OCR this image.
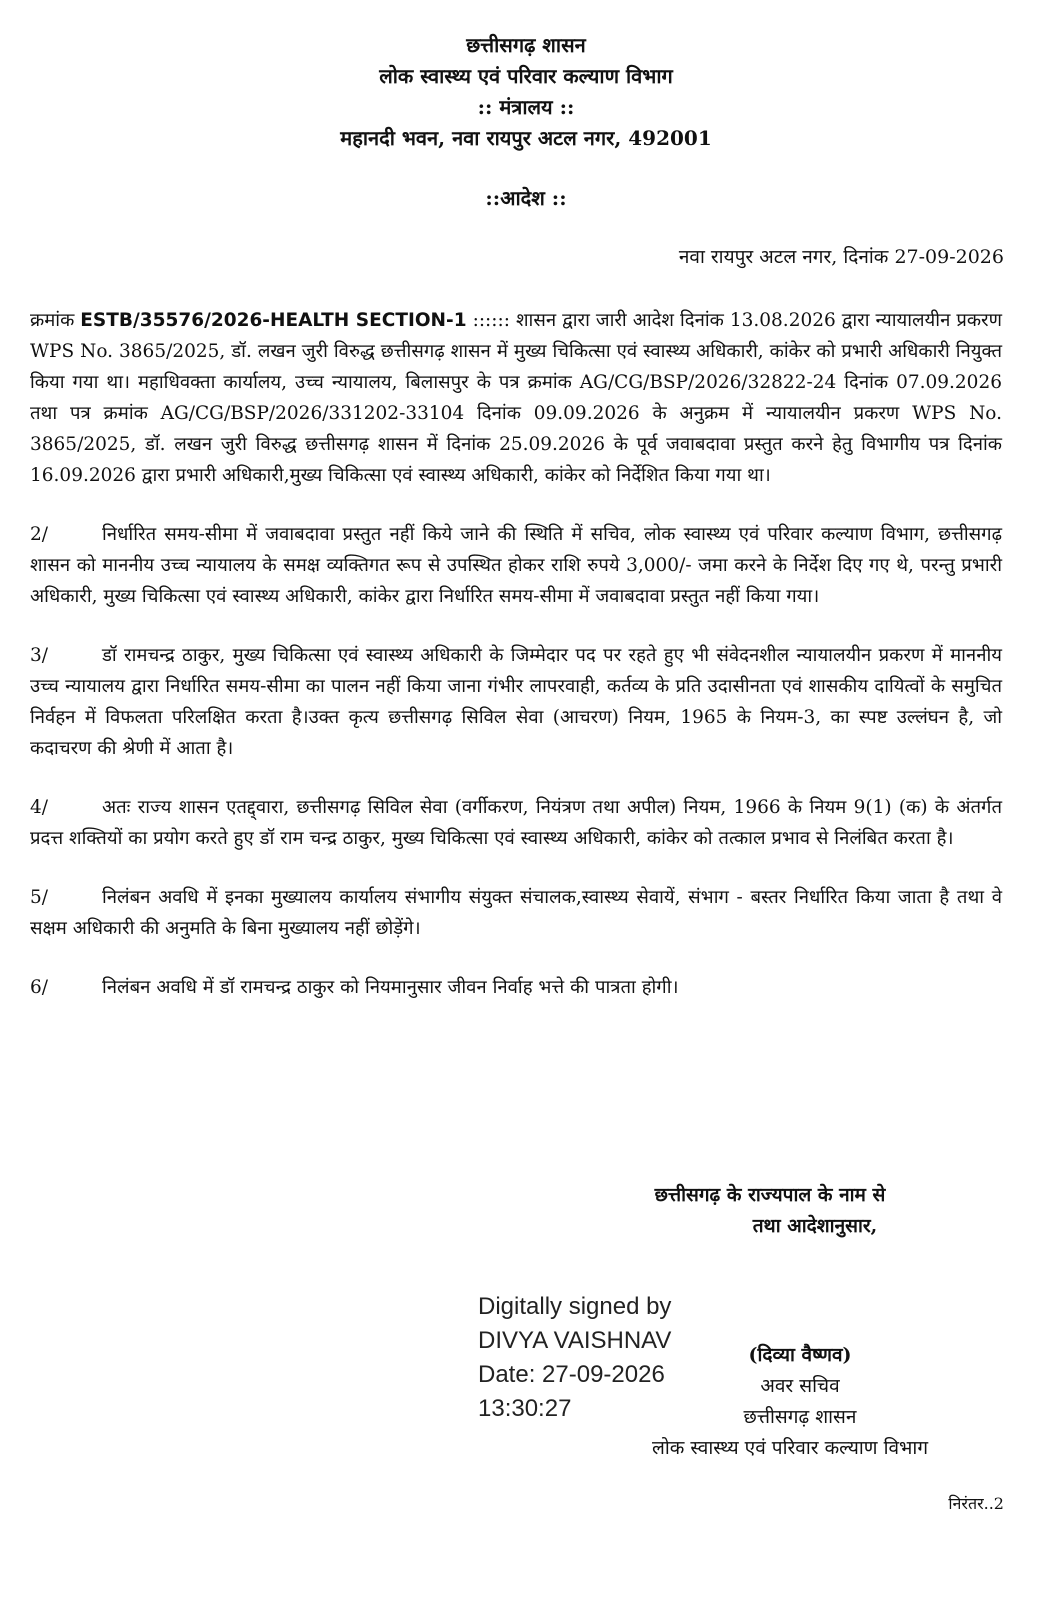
छत्तीसगढ़ शासन
लोक स्वास्थ्य एवं परिवार कल्याण विभाग
:: मंत्रालय ::
महानदी भवन, नवा रायपुर अटल नगर, 492001
::आदेश ::
नवा रायपुर अटल नगर, दिनांक 27-09-2026

क्रमांक ESTB/35576/2026-HEALTH SECTION-1 :::::: शासन द्वारा जारी आदेश दिनांक 13.08.2026 द्वारा न्यायालयीन प्रकरण WPS No. 3865/2025, डॉ. लखन जुरी विरुद्ध छत्तीसगढ़ शासन में मुख्य चिकित्सा एवं स्वास्थ्य अधिकारी, कांकेर को प्रभारी अधिकारी नियुक्त किया गया था। महाधिवक्ता कार्यालय, उच्च न्यायालय, बिलासपुर के पत्र क्रमांक AG/CG/BSP/2026/32822-24 दिनांक 07.09.2026 तथा पत्र क्रमांक AG/CG/BSP/2026/331202-33104 दिनांक 09.09.2026 के अनुक्रम में न्यायालयीन प्रकरण WPS No. 3865/2025, डॉ. लखन जुरी विरुद्ध छत्तीसगढ़ शासन में दिनांक 25.09.2026 के पूर्व जवाबदावा प्रस्तुत करने हेतु विभागीय पत्र दिनांक 16.09.2026 द्वारा प्रभारी अधिकारी,मुख्य चिकित्सा एवं स्वास्थ्य अधिकारी, कांकेर को निर्देशित किया गया था।

2/	निर्धारित समय-सीमा में जवाबदावा प्रस्तुत नहीं किये जाने की स्थिति में सचिव, लोक स्वास्थ्य एवं परिवार कल्याण विभाग, छत्तीसगढ़ शासन को माननीय उच्च न्यायालय के समक्ष व्यक्तिगत रूप से उपस्थित होकर राशि रुपये 3,000/- जमा करने के निर्देश दिए गए थे, परन्तु प्रभारी अधिकारी, मुख्य चिकित्सा एवं स्वास्थ्य अधिकारी, कांकेर द्वारा निर्धारित समय-सीमा में जवाबदावा प्रस्तुत नहीं किया गया।

3/	डॉ रामचन्द्र ठाकुर, मुख्य चिकित्सा एवं स्वास्थ्य अधिकारी के जिम्मेदार पद पर रहते हुए भी संवेदनशील न्यायालयीन प्रकरण में माननीय उच्च न्यायालय द्वारा निर्धारित समय-सीमा का पालन नहीं किया जाना गंभीर लापरवाही, कर्तव्य के प्रति उदासीनता एवं शासकीय दायित्वों के समुचित निर्वहन में विफलता परिलक्षित करता है।उक्त कृत्य छत्तीसगढ़ सिविल सेवा (आचरण) नियम, 1965 के नियम-3, का स्पष्ट उल्लंघन है, जो कदाचरण की श्रेणी में आता है।

4/	अतः राज्य शासन एतद्द्वारा, छत्तीसगढ़ सिविल सेवा (वर्गीकरण, नियंत्रण तथा अपील) नियम, 1966 के नियम 9(1) (क) के अंतर्गत प्रदत्त शक्तियों का प्रयोग करते हुए डॉ राम चन्द्र ठाकुर, मुख्य चिकित्सा एवं स्वास्थ्य अधिकारी, कांकेर को तत्काल प्रभाव से निलंबित करता है।

5/	निलंबन अवधि में इनका मुख्यालय कार्यालय संभागीय संयुक्त संचालक,स्वास्थ्य सेवायें, संभाग - बस्तर निर्धारित किया जाता है तथा वे सक्षम अधिकारी की अनुमति के बिना मुख्यालय नहीं छोड़ेंगे।

6/	निलंबन अवधि में डॉ रामचन्द्र ठाकुर को नियमानुसार जीवन निर्वाह भत्ते की पात्रता होगी।

छत्तीसगढ़ के राज्यपाल के नाम से
तथा आदेशानुसार,
Digitally signed by
DIVYA VAISHNAV
Date: 27-09-2026
13:30:27
(दिव्या वैष्णव)
अवर सचिव
छत्तीसगढ़ शासन
लोक स्वास्थ्य एवं परिवार कल्याण विभाग
निरंतर..2
